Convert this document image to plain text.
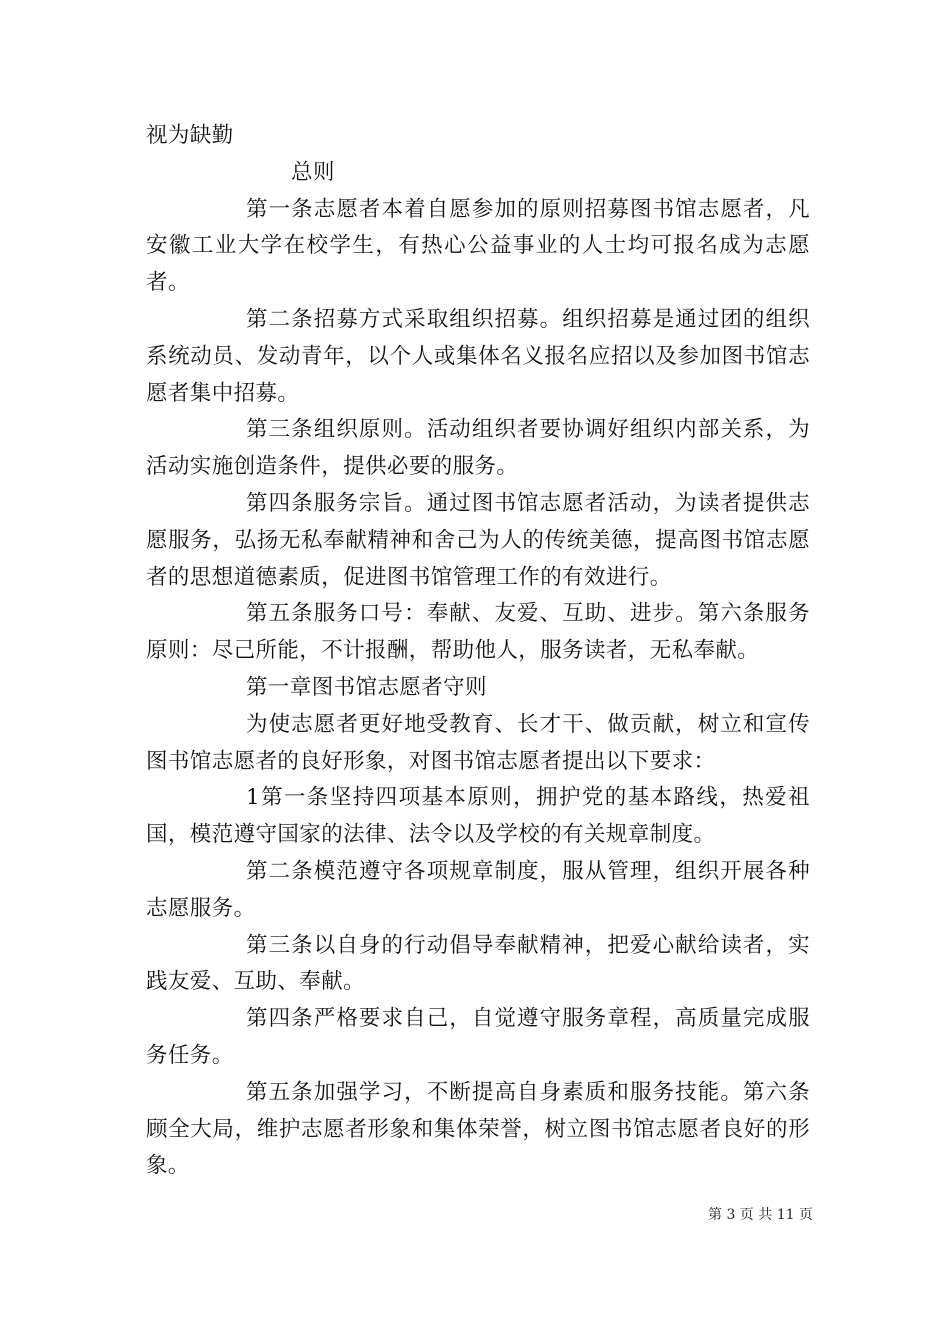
视为缺勤

总则

第一条志愿者本着自愿参加的原则招募图书馆志愿者，凡安徽工业大学在校学生，有热心公益事业的人士均可报名成为志愿者。

第二条招募方式采取组织招募。组织招募是通过团的组织系统动员、发动青年，以个人或集体名义报名应招以及参加图书馆志愿者集中招募。

第三条组织原则。活动组织者要协调好组织内部关系，为活动实施创造条件，提供必要的服务。

第四条服务宗旨。通过图书馆志愿者活动，为读者提供志愿服务，弘扬无私奉献精神和舍己为人的传统美德，提高图书馆志愿者的思想道德素质，促进图书馆管理工作的有效进行。

第五条服务口号：奉献、友爱、互助、进步。第六条服务原则：尽己所能，不计报酬，帮助他人，服务读者，无私奉献。

第一章图书馆志愿者守则

为使志愿者更好地受教育、长才干、做贡献，树立和宣传图书馆志愿者的良好形象，对图书馆志愿者提出以下要求：

1第一条坚持四项基本原则，拥护党的基本路线，热爱祖国，模范遵守国家的法律、法令以及学校的有关规章制度。

第二条模范遵守各项规章制度，服从管理，组织开展各种志愿服务。

第三条以自身的行动倡导奉献精神，把爱心献给读者，实践友爱、互助、奉献。

第四条严格要求自己，自觉遵守服务章程，高质量完成服务任务。

第五条加强学习，不断提高自身素质和服务技能。第六条顾全大局，维护志愿者形象和集体荣誉，树立图书馆志愿者良好的形象。

第 3 页 共 11 页
